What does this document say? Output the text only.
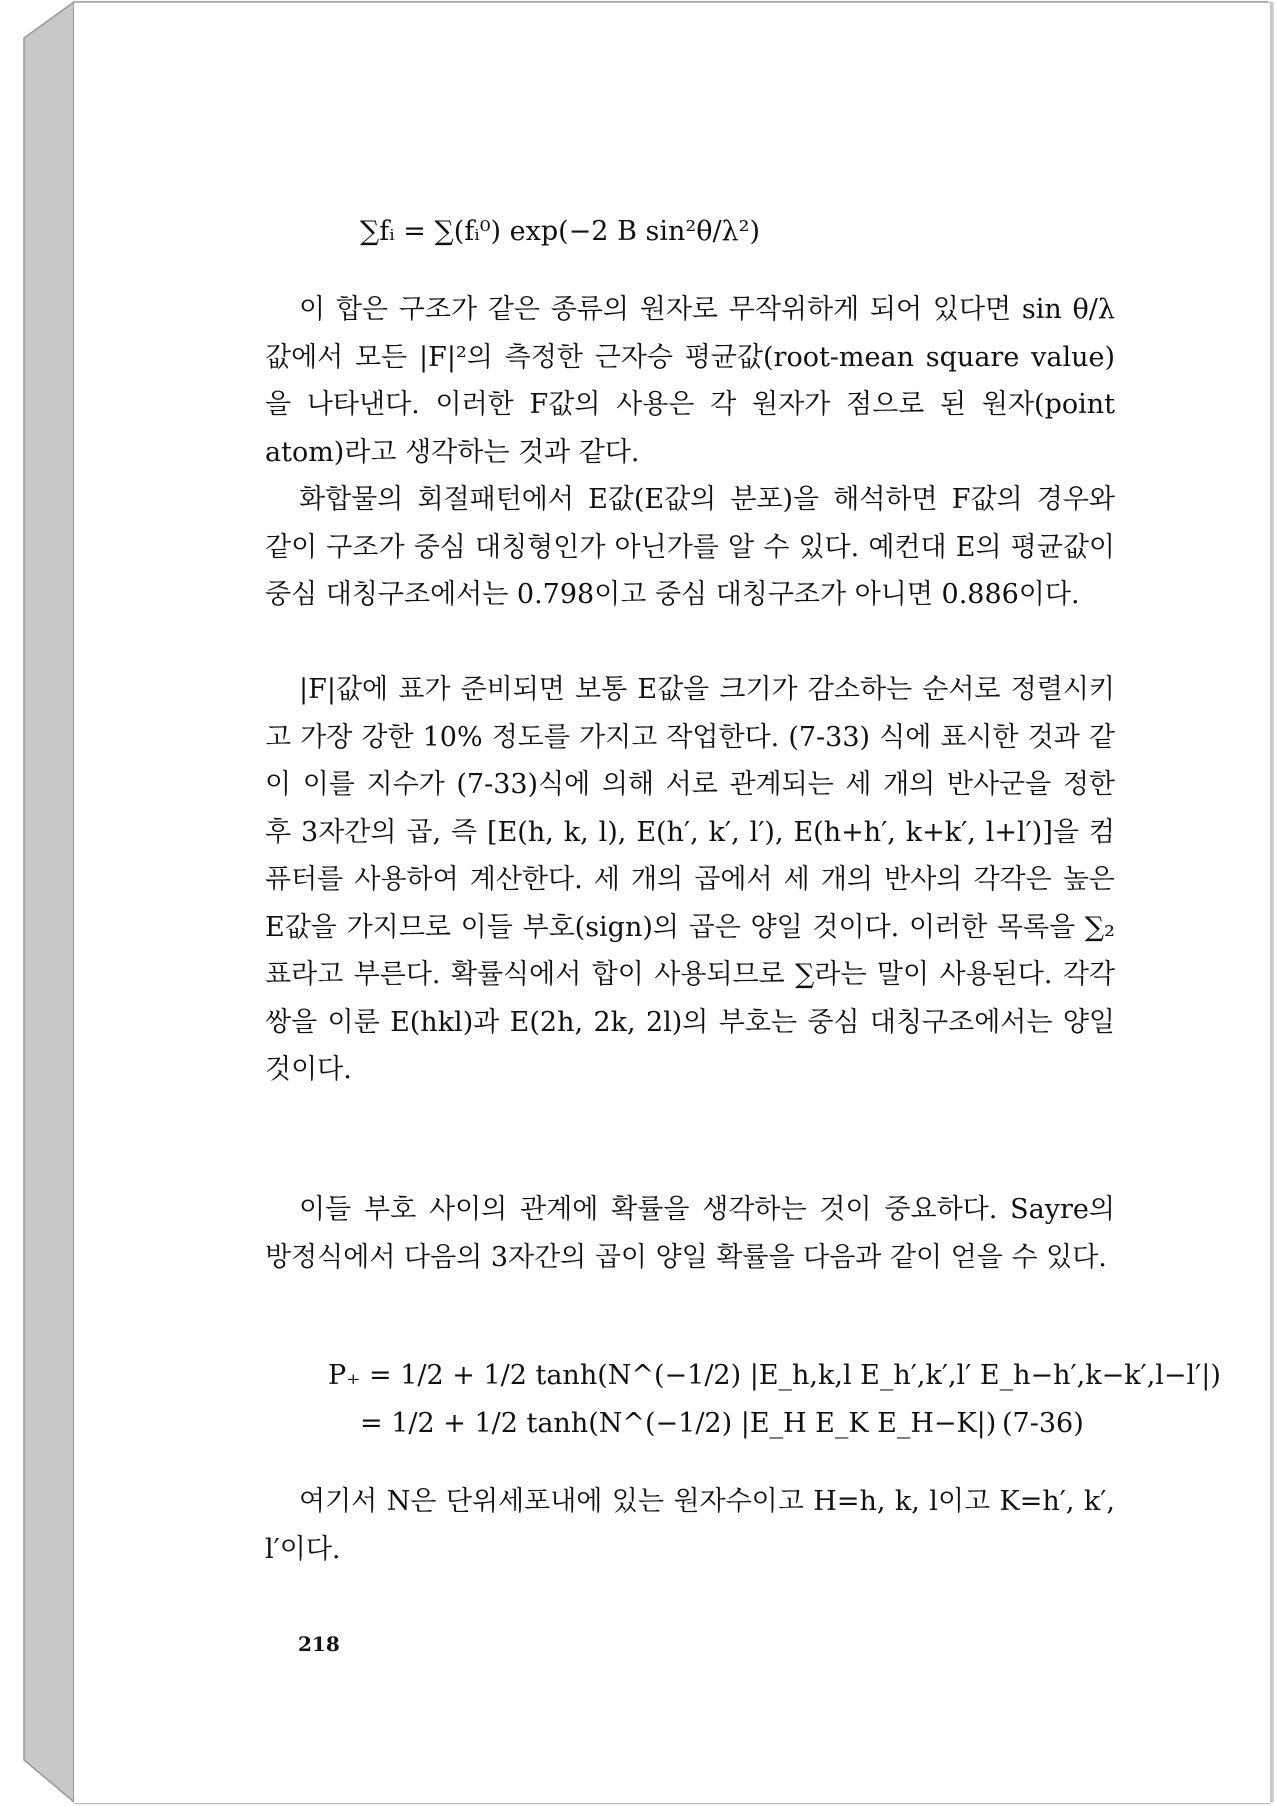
∑fᵢ = ∑(fᵢ⁰) exp(−2 B sin²θ/λ²)
이 합은 구조가 같은 종류의 원자로 무작위하게 되어 있다면 sin θ/λ 값에서 모든 |F|²의 측정한 근자승 평균값(root-mean square value)을 나타낸다. 이러한 F값의 사용은 각 원자가 점으로 된 원자(point atom)라고 생각하는 것과 같다.
화합물의 회절패턴에서 E값(E값의 분포)을 해석하면 F값의 경우와 같이 구조가 중심 대칭형인가 아닌가를 알 수 있다. 예컨대 E의 평균값이 중심 대칭구조에서는 0.798이고 중심 대칭구조가 아니면 0.886이다.
|F|값에 표가 준비되면 보통 E값을 크기가 감소하는 순서로 정렬시키고 가장 강한 10% 정도를 가지고 작업한다. (7-33) 식에 표시한 것과 같이 이를 지수가 (7-33)식에 의해 서로 관계되는 세 개의 반사군을 정한 후 3자간의 곱, 즉 [E(h, k, l), E(h′, k′, l′), E(h+h′, k+k′, l+l′)]을 컴퓨터를 사용하여 계산한다. 세 개의 곱에서 세 개의 반사의 각각은 높은 E값을 가지므로 이들 부호(sign)의 곱은 양일 것이다. 이러한 목록을 ∑₂표라고 부른다. 확률식에서 합이 사용되므로 ∑라는 말이 사용된다. 각각 쌍을 이룬 E(hkl)과 E(2h, 2k, 2l)의 부호는 중심 대칭구조에서는 양일 것이다.
이들 부호 사이의 관계에 확률을 생각하는 것이 중요하다. Sayre의 방정식에서 다음의 3자간의 곱이 양일 확률을 다음과 같이 얻을 수 있다.
P₊ = 1/2 + 1/2 tanh(N^(−1/2) |E_h,k,l E_h′,k′,l′ E_h−h′,k−k′,l−l′|)
= 1/2 + 1/2 tanh(N^(−1/2) |E_H E_K E_H−K|) (7-36)
여기서 N은 단위세포내에 있는 원자수이고 H=h, k, l이고 K=h′, k′, l′이다.
218
